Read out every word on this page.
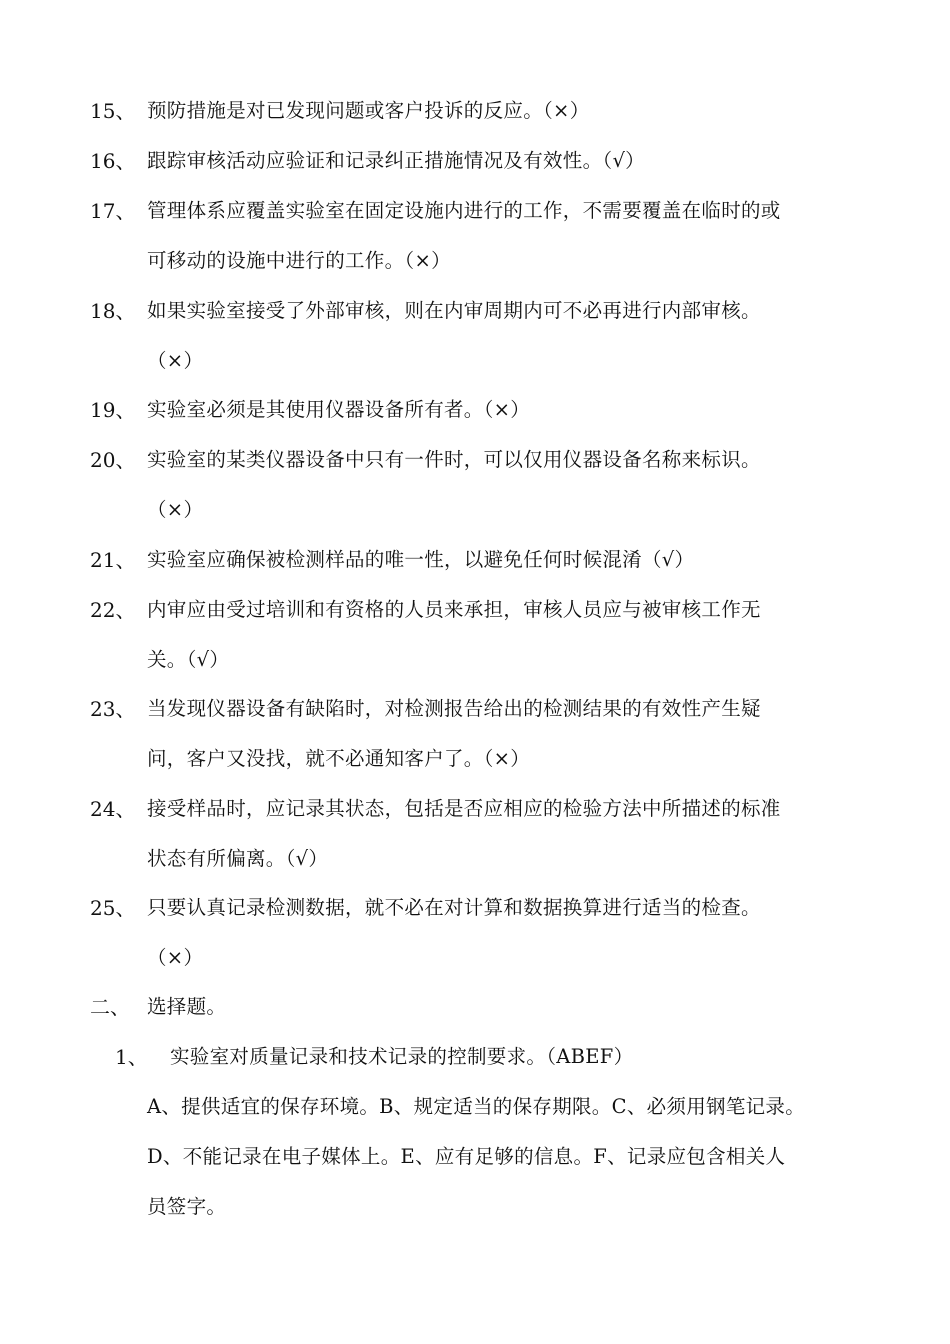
15、 预防措施是对已发现问题或客户投诉的反应。（×）
16、 跟踪审核活动应验证和记录纠正措施情况及有效性。（√）
17、 管理体系应覆盖实验室在固定设施内进行的工作，不需要覆盖在临时的或
可移动的设施中进行的工作。（×）
18、 如果实验室接受了外部审核，则在内审周期内可不必再进行内部审核。
（×）
19、 实验室必须是其使用仪器设备所有者。（×）
20、 实验室的某类仪器设备中只有一件时，可以仅用仪器设备名称来标识。
（×）
21、 实验室应确保被检测样品的唯一性，以避免任何时候混淆（√）
22、 内审应由受过培训和有资格的人员来承担，审核人员应与被审核工作无
关。（√）
23、 当发现仪器设备有缺陷时，对检测报告给出的检测结果的有效性产生疑
问，客户又没找，就不必通知客户了。（×）
24、 接受样品时，应记录其状态，包括是否应相应的检验方法中所描述的标准
状态有所偏离。（√）
25、 只要认真记录检测数据，就不必在对计算和数据换算进行适当的检查。
（×）
二、 选择题。
1、 实验室对质量记录和技术记录的控制要求。（ABEF）
A、提供适宜的保存环境。B、规定适当的保存期限。C、必须用钢笔记录。
D、不能记录在电子媒体上。E、应有足够的信息。F、记录应包含相关人
员签字。
